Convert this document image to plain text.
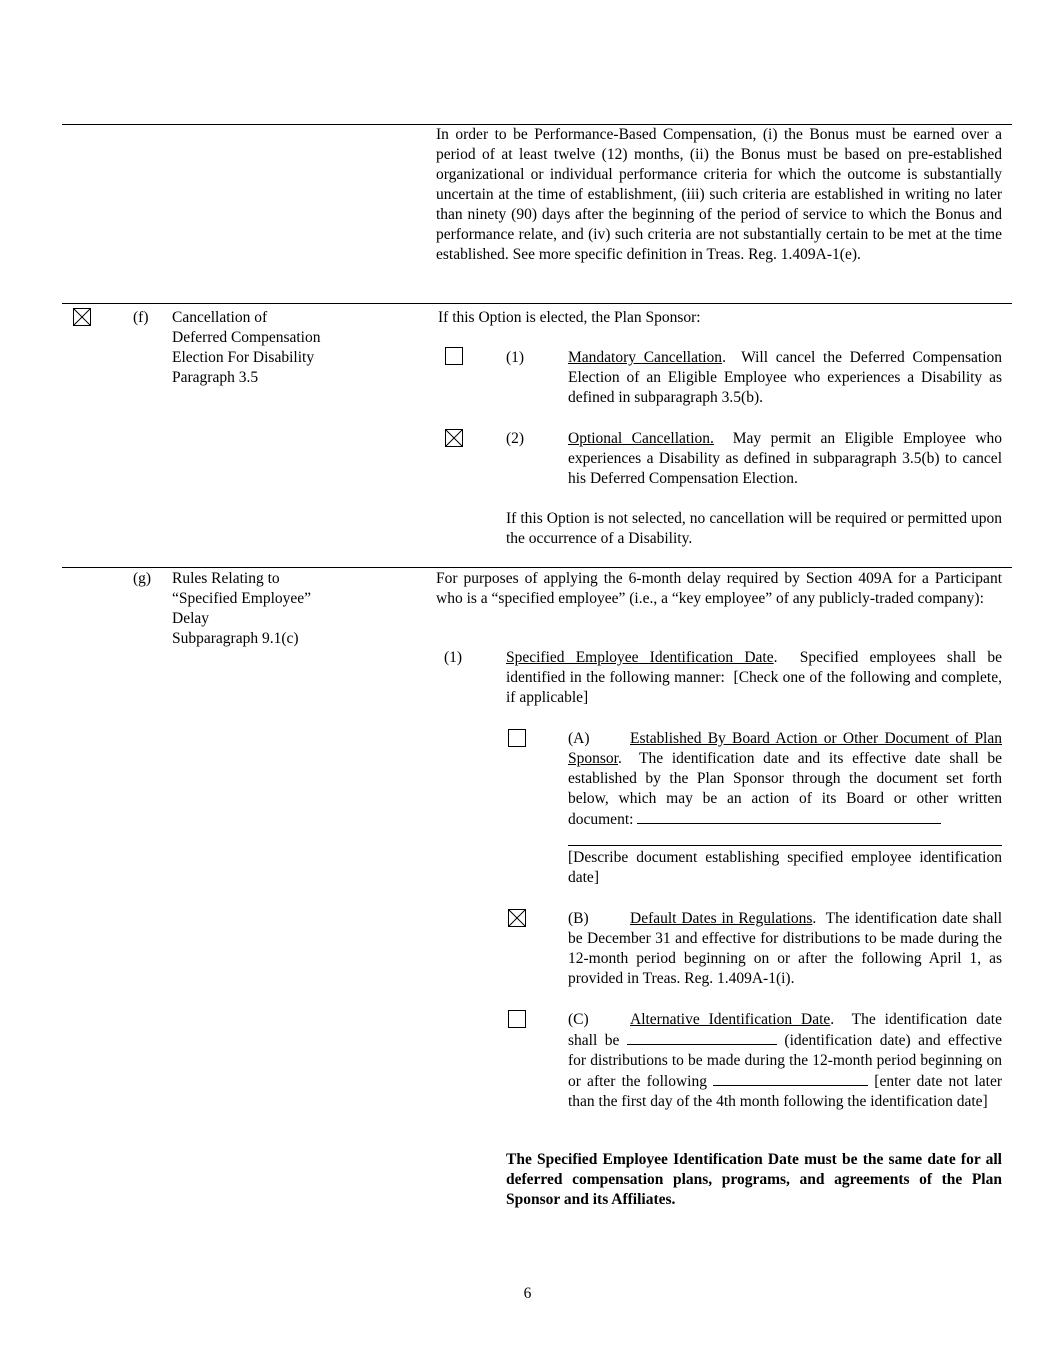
In order to be Performance-Based Compensation, (i) the Bonus must be earned over a period of at least twelve (12) months, (ii) the Bonus must be based on pre-established organizational or individual performance criteria for which the outcome is substantially uncertain at the time of establishment, (iii) such criteria are established in writing no later than ninety (90) days after the beginning of the period of service to which the Bonus and performance relate, and (iv) such criteria are not substantially certain to be met at the time established. See more specific definition in Treas. Reg. 1.409A-1(e).
(f) Cancellation of
Deferred Compensation
Election For Disability
Paragraph 3.5
If this Option is elected, the Plan Sponsor:
(1)	Mandatory Cancellation.  Will cancel the Deferred Compensation Election of an Eligible Employee who experiences a Disability as defined in subparagraph 3.5(b).
(2)	Optional Cancellation.  May permit an Eligible Employee who experiences a Disability as defined in subparagraph 3.5(b) to cancel his Deferred Compensation Election.
If this Option is not selected, no cancellation will be required or permitted upon the occurrence of a Disability.
(g) Rules Relating to
“Specified Employee”
Delay
Subparagraph 9.1(c)
For purposes of applying the 6-month delay required by Section 409A for a Participant who is a “specified employee” (i.e., a “key employee” of any publicly-traded company):
(1)	Specified Employee Identification Date.  Specified employees shall be identified in the following manner:  [Check one of the following and complete, if applicable]
(A)	Established By Board Action or Other Document of Plan Sponsor.  The identification date and its effective date shall be established by the Plan Sponsor through the document set forth below, which may be an action of its Board or other written document:
[Describe document establishing specified employee identification date]
(B)	Default Dates in Regulations.  The identification date shall be December 31 and effective for distributions to be made during the 12-month period beginning on or after the following April 1, as provided in Treas. Reg. 1.409A-1(i).
(C)	Alternative Identification Date.  The identification date shall be	(identification date) and effective for distributions to be made during the 12-month period beginning on or after the following	[enter date not later than the first day of the 4th month following the identification date]
The Specified Employee Identification Date must be the same date for all deferred compensation plans, programs, and agreements of the Plan Sponsor and its Affiliates.
6
